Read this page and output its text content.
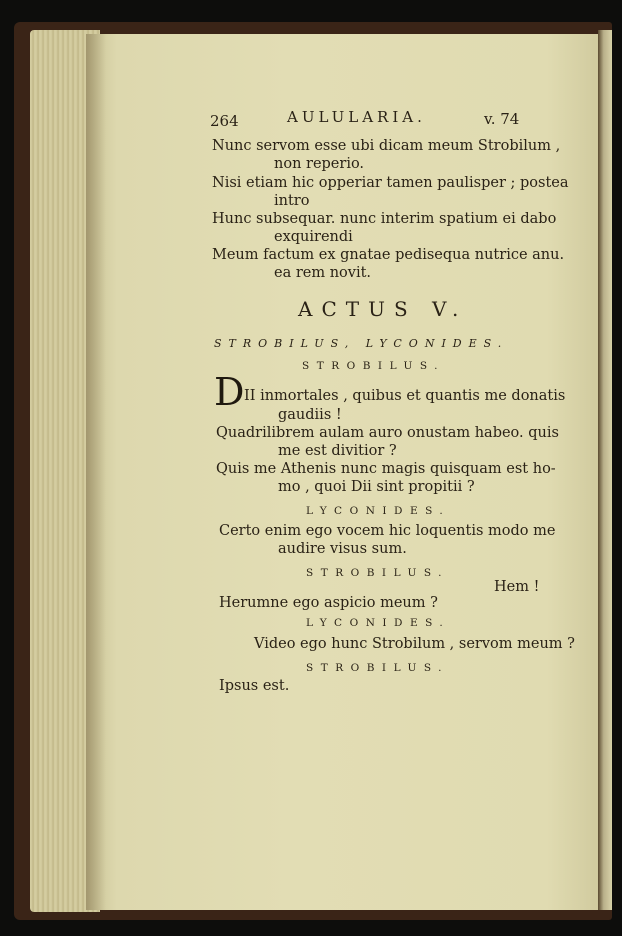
264	AULULARIA.	v. 74
Nunc servom esse ubi dicam meum Strobilum ,
non reperio.
Nisi etiam hic opperiar tamen paulisper ; postea
intro
Hunc subsequar. nunc interim spatium ei dabo
exquirendi
Meum factum ex gnatae pedisequa nutrice anu.
ea rem novit.
ACTUS V.
STROBILUS, LYCONIDES.
STROBILUS.
D II inmortales , quibus et quantis me donatis
gaudiis !
Quadrilibrem aulam auro onustam habeo. quis
me est divitior ?
Quis me Athenis nunc magis quisquam est ho-
mo , quoi Dii sint propitii ?
LYCONIDES.
Certo enim ego vocem hic loquentis modo me
audire visus sum.
STROBILUS.
Hem !
Herumne ego aspicio meum ?
LYCONIDES.
Video ego hunc Strobilum , servom meum ?
STROBILUS.
Ipsus est.
